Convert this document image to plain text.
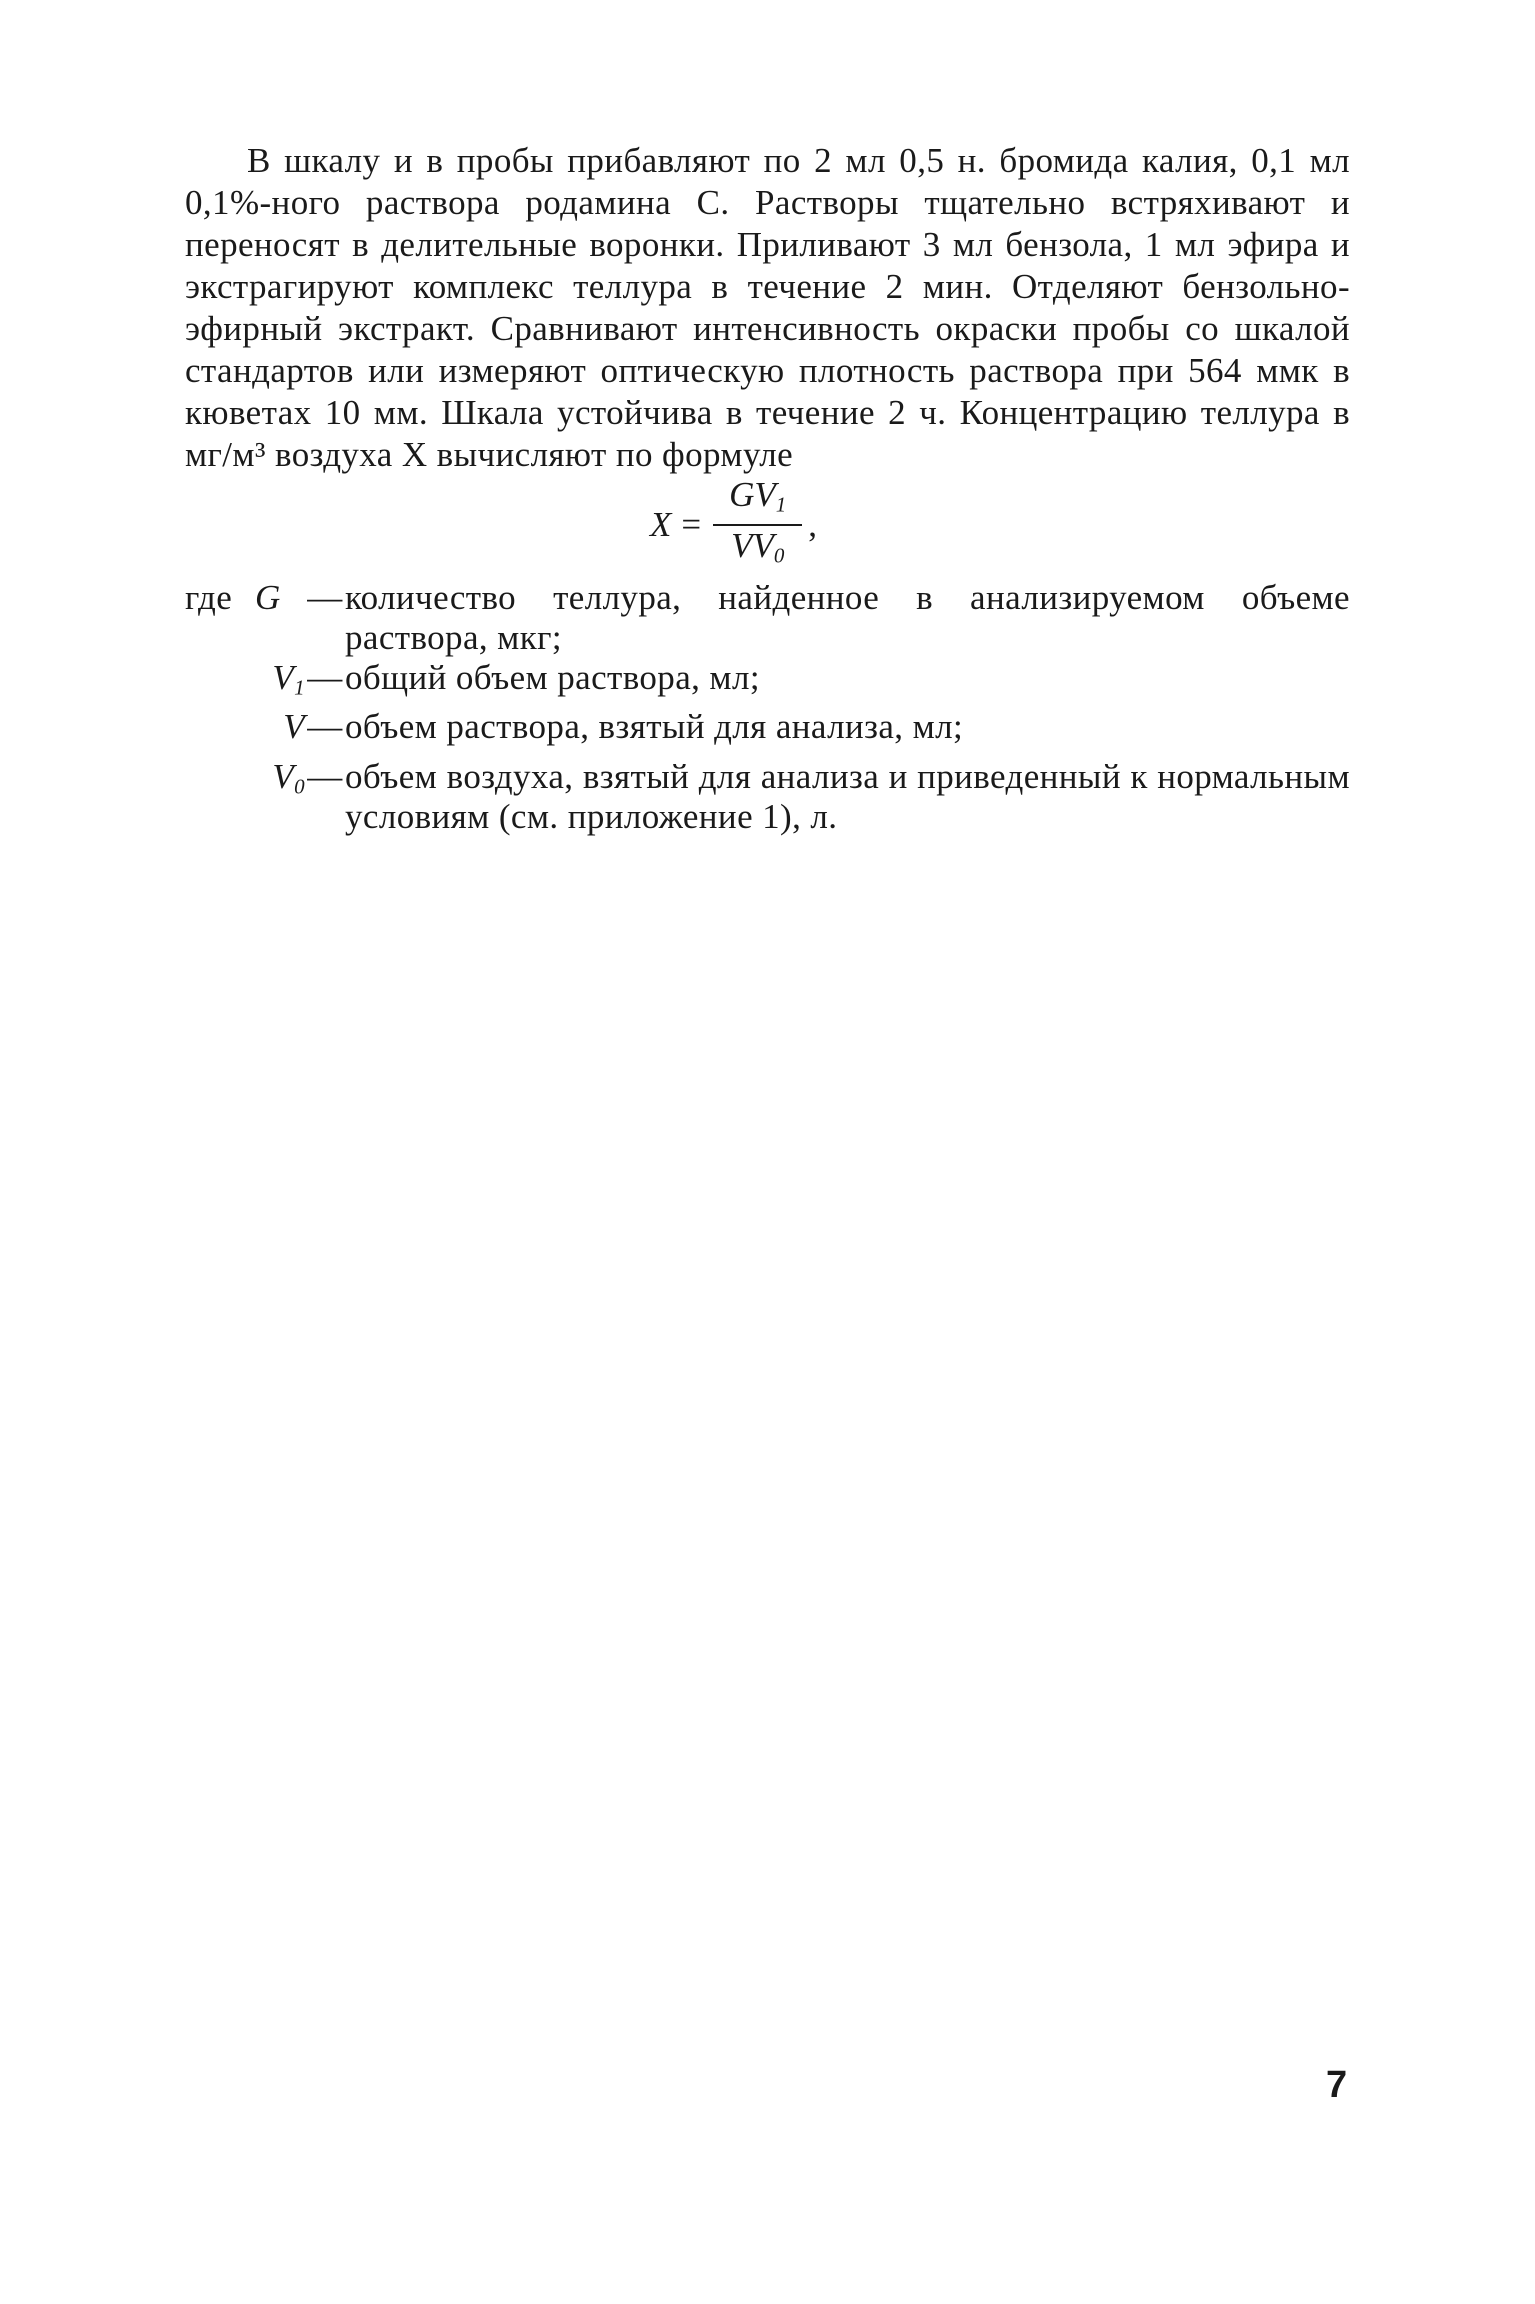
В шкалу и в пробы прибавляют по 2 мл 0,5 н. бромида калия, 0,1 мл 0,1%-ного раствора родамина С. Растворы тщательно встряхивают и переносят в делительные воронки. Приливают 3 мл бензола, 1 мл эфира и экстрагируют комплекс теллура в течение 2 мин. Отделяют бензольно-эфирный экстракт. Сравнивают интенсивность окраски пробы со шкалой стандартов или измеряют оптическую плотность раствора при 564 ммк в кюветах 10 мм. Шкала устойчива в течение 2 ч. Концентрацию теллура в мг/м³ воздуха X вычисляют по формуле

$X = \frac{GV_1}{VV_0}$ ,
где G — количество теллура, найденное в анализируемом объеме раствора, мкг;
$V_1$ — общий объем раствора, мл;
V — объем раствора, взятый для анализа, мл;
$V_0$ — объем воздуха, взятый для анализа и приведенный к нормальным условиям (см. приложение 1), л.
7
